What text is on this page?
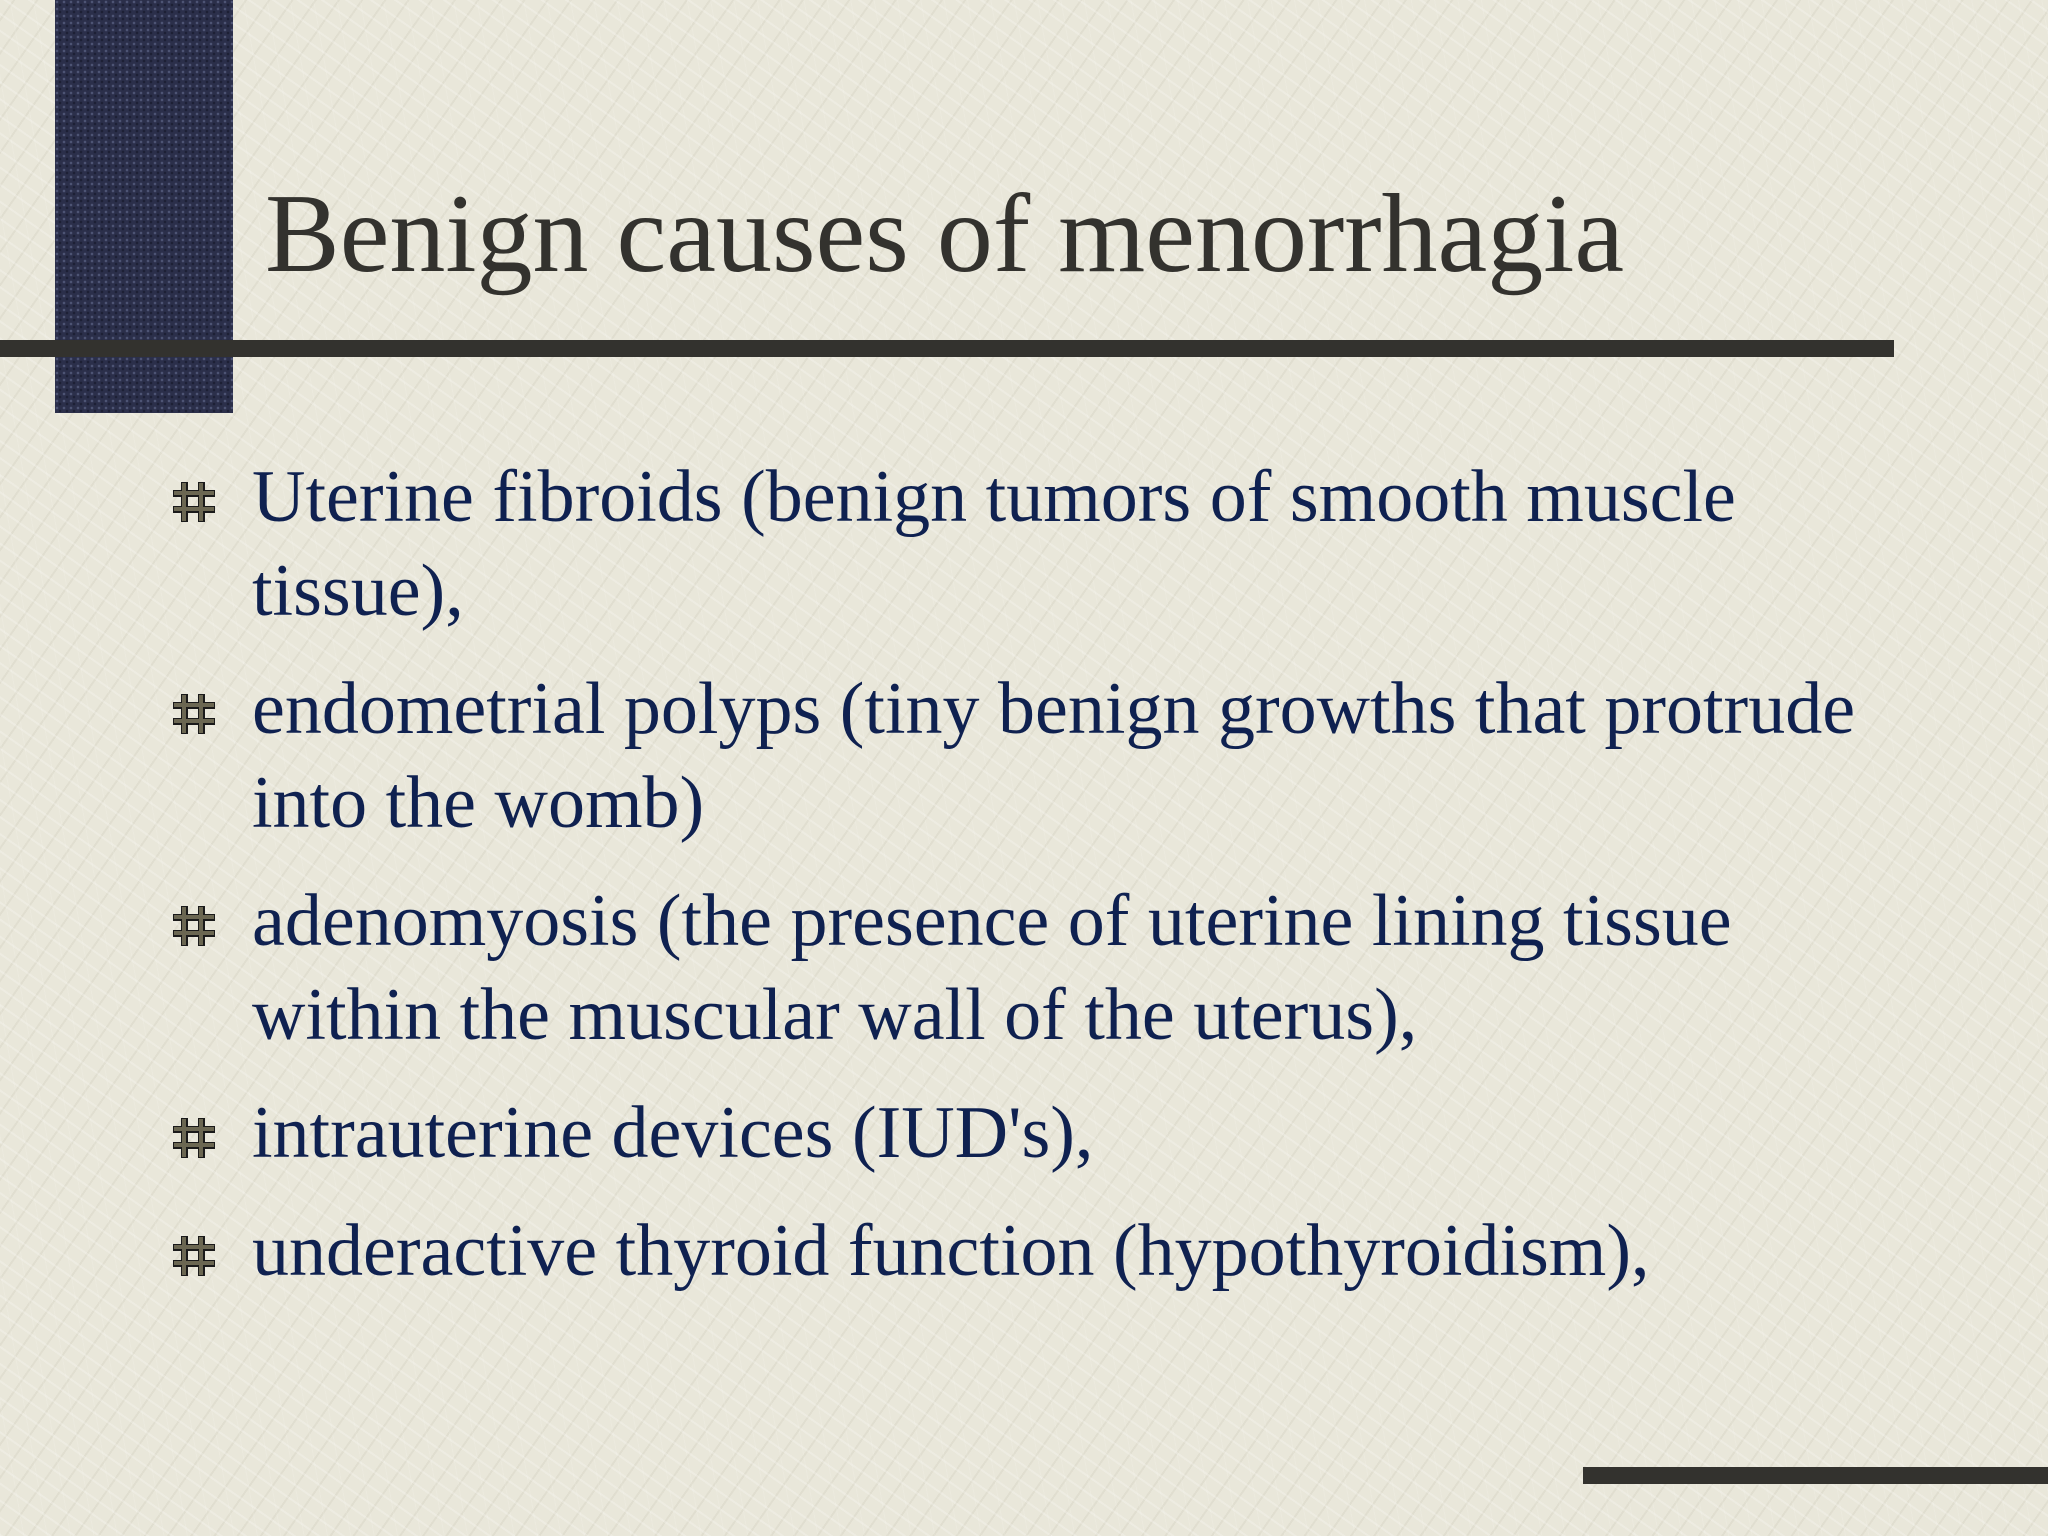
Benign causes of menorrhagia
Uterine fibroids (benign tumors of smooth muscle tissue),
endometrial polyps (tiny benign growths that protrude into the womb)
adenomyosis (the presence of uterine lining tissue within the muscular wall of the uterus),
intrauterine devices (IUD's),
underactive thyroid function (hypothyroidism),
